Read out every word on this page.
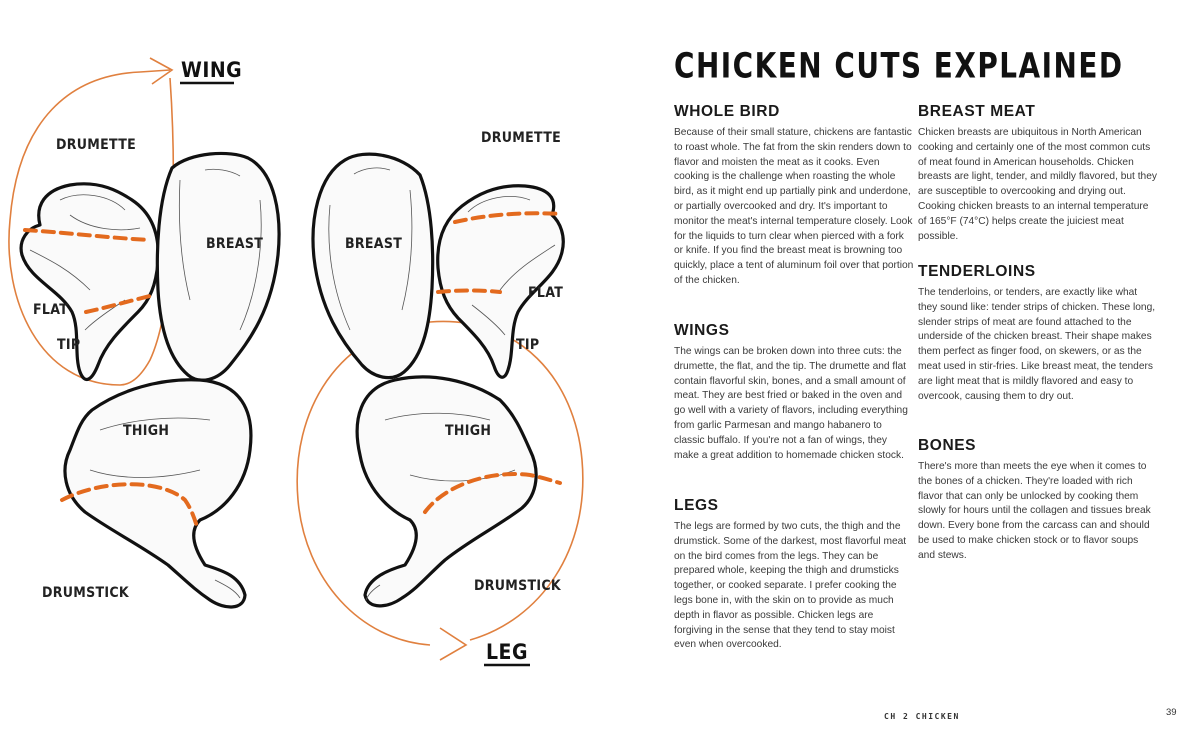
WING
LEG
DRUMETTE	DRUMETTE
BREAST	BREAST
FLAT
FLAT
TIP	TIP
THIGH	THIGH
DRUMSTICK	DRUMSTICK
CHICKEN CUTS EXPLAINED
WHOLE BIRD

Because of their small stature, chickens are fantastic to roast whole. The fat from the skin renders down to flavor and moisten the meat as it cooks. Even cooking is the challenge when roasting the whole bird, as it might end up partially pink and underdone, or partially overcooked and dry. It's important to monitor the meat's internal temperature closely. Look for the liquids to turn clear when pierced with a fork or knife. If you find the breast meat is browning too quickly, place a tent of aluminum foil over that portion of the chicken.

WINGS

The wings can be broken down into three cuts: the drumette, the flat, and the tip. The drumette and flat contain flavorful skin, bones, and a small amount of meat. They are best fried or baked in the oven and go well with a variety of flavors, including everything from garlic Parmesan and mango habanero to classic buffalo. If you're not a fan of wings, they make a great addition to homemade chicken stock.

LEGS

The legs are formed by two cuts, the thigh and the drumstick. Some of the darkest, most flavorful meat on the bird comes from the legs. They can be prepared whole, keeping the thigh and drumsticks together, or cooked separate. I prefer cooking the legs bone in, with the skin on to provide as much depth in flavor as possible. Chicken legs are forgiving in the sense that they tend to stay moist even when overcooked.

BREAST MEAT

Chicken breasts are ubiquitous in North American cooking and certainly one of the most common cuts of meat found in American households. Chicken breasts are light, tender, and mildly flavored, but they are susceptible to overcooking and drying out. Cooking chicken breasts to an internal temperature of 165°F (74°C) helps create the juiciest meat possible.

TENDERLOINS

The tenderloins, or tenders, are exactly like what they sound like: tender strips of chicken. These long, slender strips of meat are found attached to the underside of the chicken breast. Their shape makes them perfect as finger food, on skewers, or as the meat used in stir-fries. Like breast meat, the tenders are light meat that is mildly flavored and easy to overcook, causing them to dry out.

BONES

There's more than meets the eye when it comes to the bones of a chicken. They're loaded with rich flavor that can only be unlocked by cooking them slowly for hours until the collagen and tissues break down. Every bone from the carcass can and should be used to make chicken stock or to flavor soups and stews.

CH 2 CHICKEN	39
